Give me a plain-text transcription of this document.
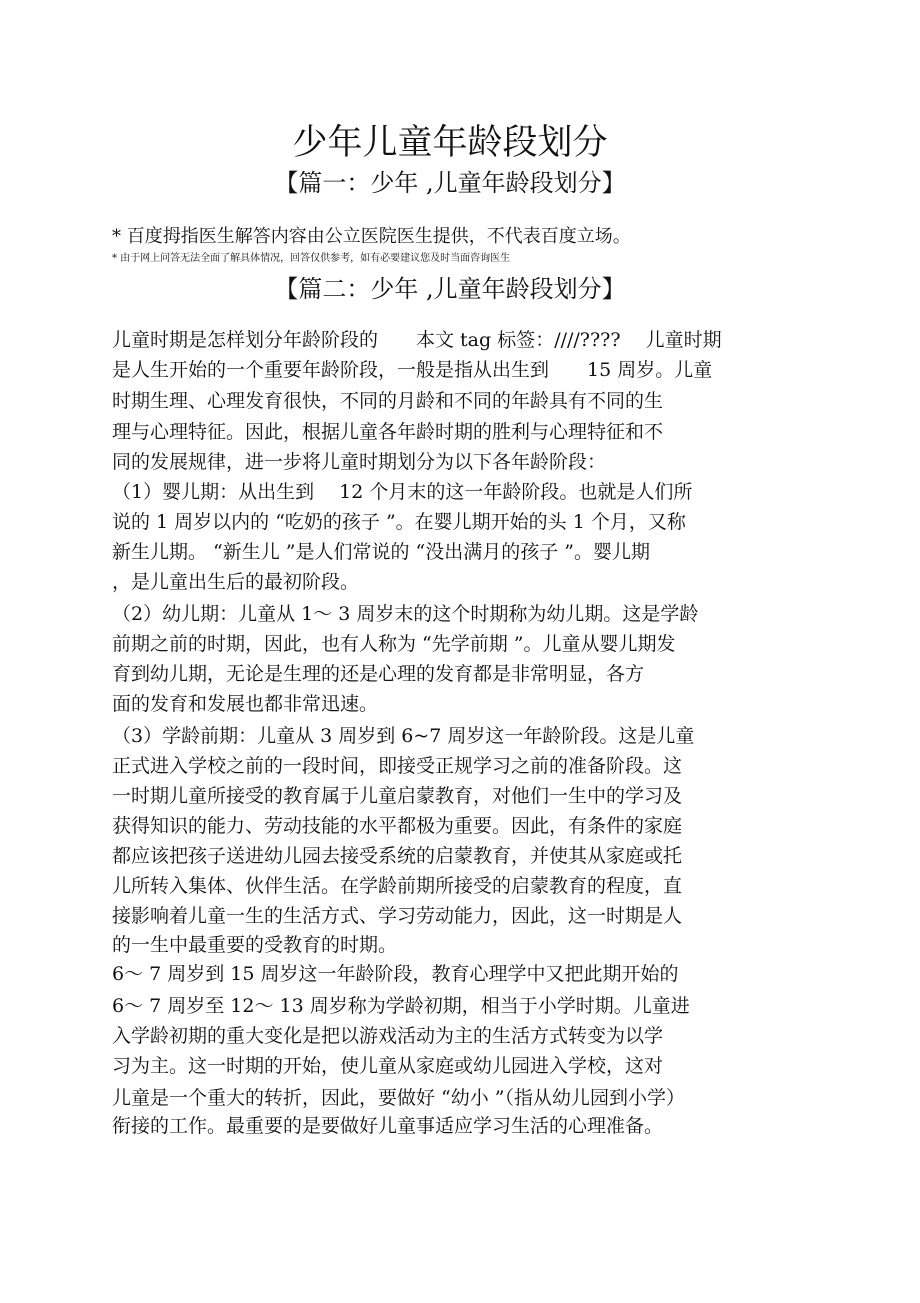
少年儿童年龄段划分
【篇一：少年 ,儿童年龄段划分】
* 百度拇指医生解答内容由公立医院医生提供，不代表百度立场。
* 由于网上问答无法全面了解具体情况，回答仅供参考，如有必要建议您及时当面咨询医生
【篇二：少年 ,儿童年龄段划分】
儿童时期是怎样划分年龄阶段的　　本文 tag 标签：////????　 儿童时期
是人生开始的一个重要年龄阶段，一般是指从出生到　　15 周岁。儿童
时期生理、心理发育很快，不同的月龄和不同的年龄具有不同的生
理与心理特征。因此，根据儿童各年龄时期的胜利与心理特征和不
同的发展规律，进一步将儿童时期划分为以下各年龄阶段：
（1）婴儿期：从出生到　 12 个月末的这一年龄阶段。也就是人们所
说的 1 周岁以内的 “吃奶的孩子 ”。在婴儿期开始的头 1 个月，又称
新生儿期。 “新生儿 ”是人们常说的 “没出满月的孩子 ”。婴儿期
，是儿童出生后的最初阶段。
（2）幼儿期：儿童从 1～ 3 周岁末的这个时期称为幼儿期。这是学龄
前期之前的时期，因此，也有人称为 “先学前期 ”。儿童从婴儿期发
育到幼儿期，无论是生理的还是心理的发育都是非常明显，各方
面的发育和发展也都非常迅速。
（3）学龄前期：儿童从 3 周岁到 6~7 周岁这一年龄阶段。这是儿童
正式进入学校之前的一段时间，即接受正规学习之前的准备阶段。这
一时期儿童所接受的教育属于儿童启蒙教育，对他们一生中的学习及
获得知识的能力、劳动技能的水平都极为重要。因此，有条件的家庭
都应该把孩子送进幼儿园去接受系统的启蒙教育，并使其从家庭或托
儿所转入集体、伙伴生活。在学龄前期所接受的启蒙教育的程度，直
接影响着儿童一生的生活方式、学习劳动能力，因此，这一时期是人
的一生中最重要的受教育的时期。
6～ 7 周岁到 15 周岁这一年龄阶段，教育心理学中又把此期开始的
6～ 7 周岁至 12～ 13 周岁称为学龄初期，相当于小学时期。儿童进
入学龄初期的重大变化是把以游戏活动为主的生活方式转变为以学
习为主。这一时期的开始，使儿童从家庭或幼儿园进入学校，这对
儿童是一个重大的转折，因此，要做好 “幼小 ”（指从幼儿园到小学）
衔接的工作。最重要的是要做好儿童事适应学习生活的心理准备。
